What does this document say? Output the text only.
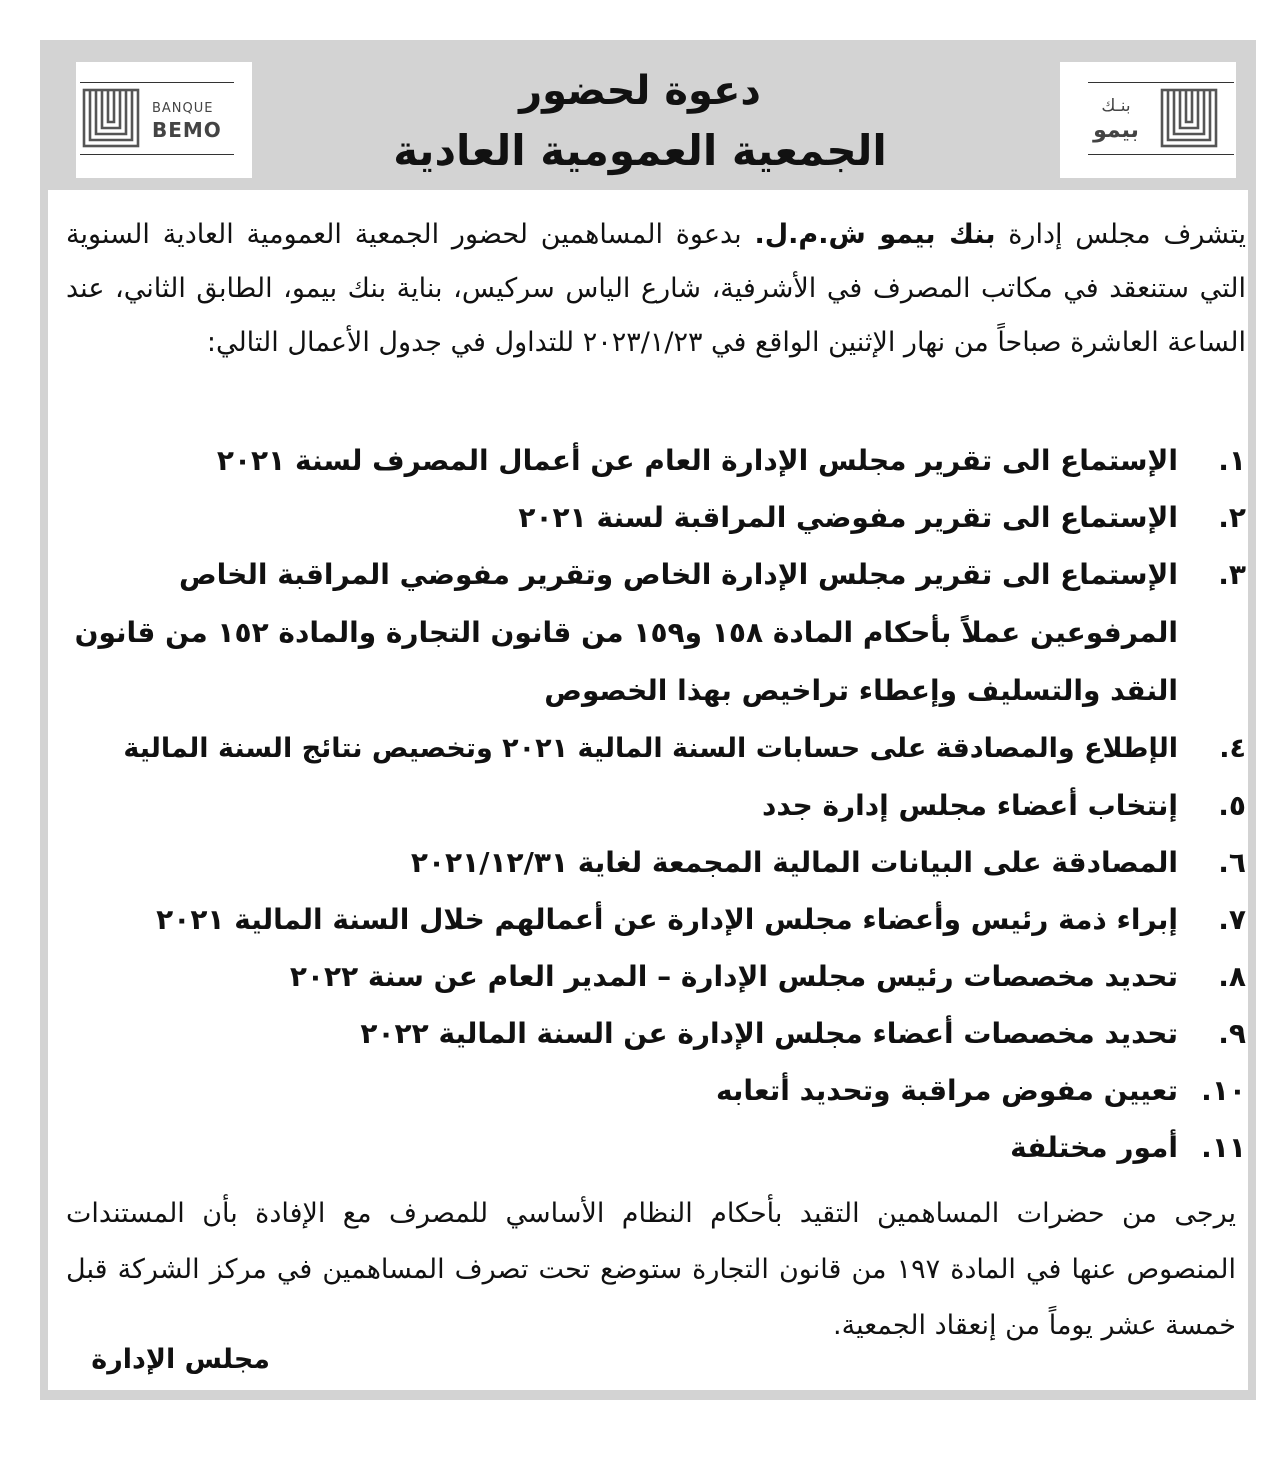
BANQUE
BEMO
بنـك
بيمو
دعوة لحضور
الجمعية العمومية العادية
يتشرف مجلس إدارة بنك بيمو ش.م.ل. بدعوة المساهمين لحضور الجمعية العمومية العادية السنوية التي ستنعقد في مكاتب المصرف في الأشرفية، شارع الياس سركيس، بناية بنك بيمو، الطابق الثاني، عند الساعة العاشرة صباحاً من نهار الإثنين الواقع في ٢٠٢٣/١/٢٣ للتداول في جدول الأعمال التالي:
١.
الإستماع الى تقرير مجلس الإدارة العام عن أعمال المصرف لسنة ٢٠٢١
٢.
الإستماع الى تقرير مفوضي المراقبة لسنة ٢٠٢١
٣.
الإستماع الى تقرير مجلس الإدارة الخاص وتقرير مفوضي المراقبة الخاص المرفوعين عملاً بأحكام المادة ١٥٨ و١٥٩ من قانون التجارة والمادة ١٥٢ من قانون النقد والتسليف وإعطاء تراخيص بهذا الخصوص
٤.
الإطلاع والمصادقة على حسابات السنة المالية ٢٠٢١ وتخصيص نتائج السنة المالية
٥.
إنتخاب أعضاء مجلس إدارة جدد
٦.
المصادقة على البيانات المالية المجمعة لغاية ٢٠٢١/١٢/٣١
٧.
إبراء ذمة رئيس وأعضاء مجلس الإدارة عن أعمالهم خلال السنة المالية ٢٠٢١
٨.
تحديد مخصصات رئيس مجلس الإدارة – المدير العام عن سنة ٢٠٢٢
٩.
تحديد مخصصات أعضاء مجلس الإدارة عن السنة المالية ٢٠٢٢
١٠.
تعيين مفوض مراقبة وتحديد أتعابه
١١.
أمور مختلفة
يرجى من حضرات المساهمين التقيد بأحكام النظام الأساسي للمصرف مع الإفادة بأن المستندات المنصوص عنها في المادة ١٩٧ من قانون التجارة ستوضع تحت تصرف المساهمين في مركز الشركة قبل خمسة عشر يوماً من إنعقاد الجمعية.
مجلس الإدارة
